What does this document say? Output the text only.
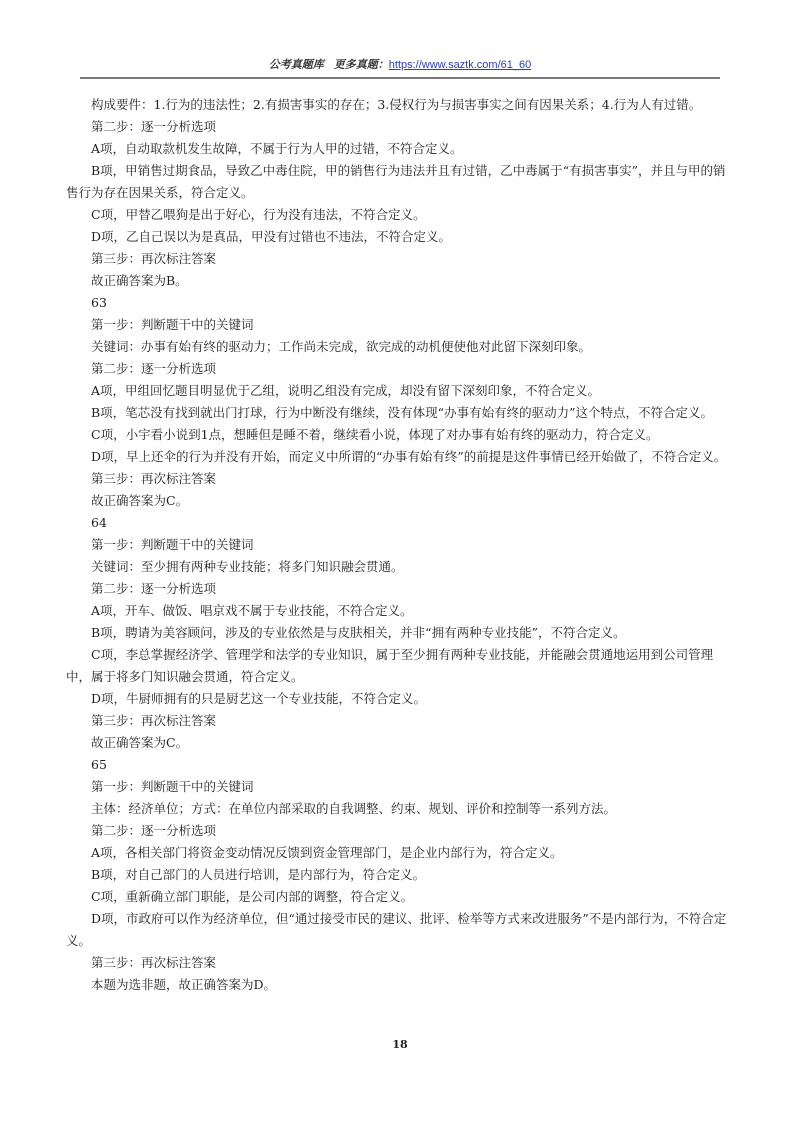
公考真题库 更多真题：https://www.saztk.com/61_60

构成要件：1.行为的违法性；2.有损害事实的存在；3.侵权行为与损害事实之间有因果关系；4.行为人有过错。

第二步：逐一分析选项

A项，自动取款机发生故障，不属于行为人甲的过错，不符合定义。

B项，甲销售过期食品，导致乙中毒住院，甲的销售行为违法并且有过错，乙中毒属于“有损害事实”，并且与甲的销售行为存在因果关系，符合定义。

C项，甲替乙喂狗是出于好心，行为没有违法，不符合定义。

D项，乙自己误以为是真品，甲没有过错也不违法，不符合定义。

第三步：再次标注答案

故正确答案为B。

63

第一步：判断题干中的关键词

关键词：办事有始有终的驱动力；工作尚未完成，欲完成的动机便使他对此留下深刻印象。

第二步：逐一分析选项

A项，甲组回忆题目明显优于乙组，说明乙组没有完成，却没有留下深刻印象，不符合定义。

B项，笔芯没有找到就出门打球，行为中断没有继续，没有体现“办事有始有终的驱动力”这个特点，不符合定义。

C项，小宇看小说到1点，想睡但是睡不着，继续看小说，体现了对办事有始有终的驱动力，符合定义。

D项，早上还伞的行为并没有开始，而定义中所谓的“办事有始有终”的前提是这件事情已经开始做了，不符合定义。

第三步：再次标注答案

故正确答案为C。

64

第一步：判断题干中的关键词

关键词：至少拥有两种专业技能；将多门知识融会贯通。

第二步：逐一分析选项

A项，开车、做饭、唱京戏不属于专业技能，不符合定义。

B项，聘请为美容顾问，涉及的专业依然是与皮肤相关，并非“拥有两种专业技能”，不符合定义。

C项，李总掌握经济学、管理学和法学的专业知识，属于至少拥有两种专业技能，并能融会贯通地运用到公司管理中，属于将多门知识融会贯通，符合定义。

D项，牛厨师拥有的只是厨艺这一个专业技能，不符合定义。

第三步：再次标注答案

故正确答案为C。

65

第一步：判断题干中的关键词

主体：经济单位；方式：在单位内部采取的自我调整、约束、规划、评价和控制等一系列方法。

第二步：逐一分析选项

A项，各相关部门将资金变动情况反馈到资金管理部门，是企业内部行为，符合定义。

B项，对自己部门的人员进行培训，是内部行为，符合定义。

C项，重新确立部门职能，是公司内部的调整，符合定义。

D项，市政府可以作为经济单位，但“通过接受市民的建议、批评、检举等方式来改进服务”不是内部行为，不符合定义。

第三步：再次标注答案

本题为选非题，故正确答案为D。

18
